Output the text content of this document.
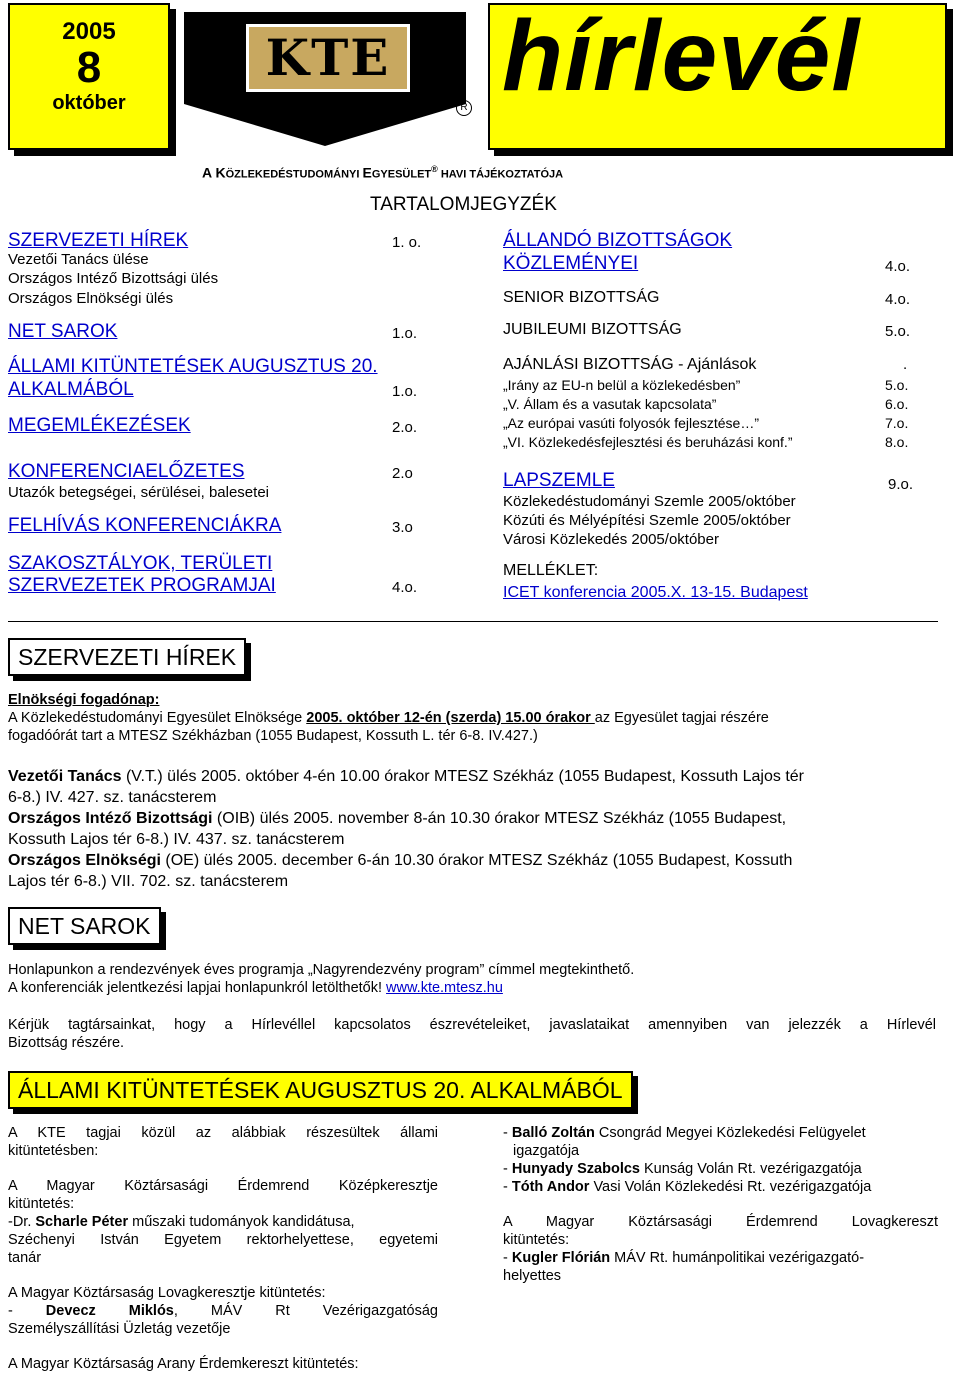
2005
8
október
KTE
R hírlevél
A KÖZLEKEDÉSTUDOMÁNYI EGYESÜLET® HAVI TÁJÉKOZTATÓJA
TARTALOMJEGYZÉK
SZERVEZETI HÍREK	1. o.
Vezetői Tanács ülése
Országos Intéző Bizottsági ülés
Országos Elnökségi ülés
NET SAROK	1.o.
ÁLLAMI KITÜNTETÉSEK AUGUSZTUS 20.
ALKALMÁBÓL	1.o.
MEGEMLÉKEZÉSEK	2.o.
KONFERENCIAELŐZETES	2.o
Utazók betegségei, sérülései, balesetei
FELHÍVÁS KONFERENCIÁKRA	3.o
SZAKOSZTÁLYOK, TERÜLETI
SZERVEZETEK PROGRAMJAI	4.o.
ÁLLANDÓ BIZOTTSÁGOK
KÖZLEMÉNYEI	4.o.
SENIOR BIZOTTSÁG	4.o.
JUBILEUMI BIZOTTSÁG	5.o.
AJÁNLÁSI BIZOTTSÁG - Ajánlások	.
„Irány az EU-n belül a közlekedésben”	5.o.
„V. Állam és a vasutak kapcsolata”	6.o.
„Az európai vasúti folyosók fejlesztése…”	7.o.
„VI. Közlekedésfejlesztési és beruházási konf.”	8.o.
LAPSZEMLE	9.o.
Közlekedéstudományi Szemle 2005/október
Közúti és Mélyépítési Szemle 2005/október
Városi Közlekedés 2005/október
MELLÉKLET:
ICET konferencia 2005.X. 13-15. Budapest
SZERVEZETI HÍREK
Elnökségi fogadónap:
A Közlekedéstudományi Egyesület Elnöksége 2005. október 12-én (szerda) 15.00 órakor az Egyesület tagjai részére
fogadóórát tart a MTESZ Székházban (1055 Budapest, Kossuth L. tér 6-8. IV.427.)
Vezetői Tanács (V.T.) ülés 2005. október 4-én 10.00 órakor MTESZ Székház (1055 Budapest, Kossuth Lajos tér
6-8.) IV. 427. sz. tanácsterem
Országos Intéző Bizottsági (OIB) ülés 2005. november 8-án 10.30 órakor MTESZ Székház (1055 Budapest,
Kossuth Lajos tér 6-8.) IV. 437. sz. tanácsterem
Országos Elnökségi (OE) ülés 2005. december 6-án 10.30 órakor MTESZ Székház (1055 Budapest, Kossuth
Lajos tér 6-8.) VII. 702. sz. tanácsterem
NET SAROK
Honlapunkon a rendezvények éves programja „Nagyrendezvény program” címmel megtekinthető.
A konferenciák jelentkezési lapjai honlapunkról letölthetők! www.kte.mtesz.hu
Kérjük tagtársainkat, hogy a Hírlevéllel kapcsolatos észrevételeiket, javaslataikat amennyiben van jelezzék a Hírlevél
Bizottság részére.
ÁLLAMI KITÜNTETÉSEK AUGUSZTUS 20. ALKALMÁBÓL
A KTE tagjai közül az alábbiak részesültek állami
kitüntetésben:
A Magyar Köztársasági Érdemrend Középkeresztje
kitüntetés:
-Dr. Scharle Péter műszaki tudományok kandidátusa,
Széchenyi István Egyetem rektorhelyettese, egyetemi
tanár
A Magyar Köztársaság Lovagkeresztje kitüntetés:
- Devecz Miklós, MÁV Rt Vezérigazgatóság
Személyszállítási Üzletág vezetője
A Magyar Köztársaság Arany Érdemkereszt kitüntetés:
- Balló Zoltán Csongrád Megyei Közlekedési Felügyelet
igazgatója
- Hunyady Szabolcs Kunság Volán Rt. vezérigazgatója
- Tóth Andor Vasi Volán Közlekedési Rt. vezérigazgatója
A Magyar Köztársasági Érdemrend Lovagkereszt
kitüntetés:
- Kugler Flórián MÁV Rt. humánpolitikai vezérigazgató-
helyettes
